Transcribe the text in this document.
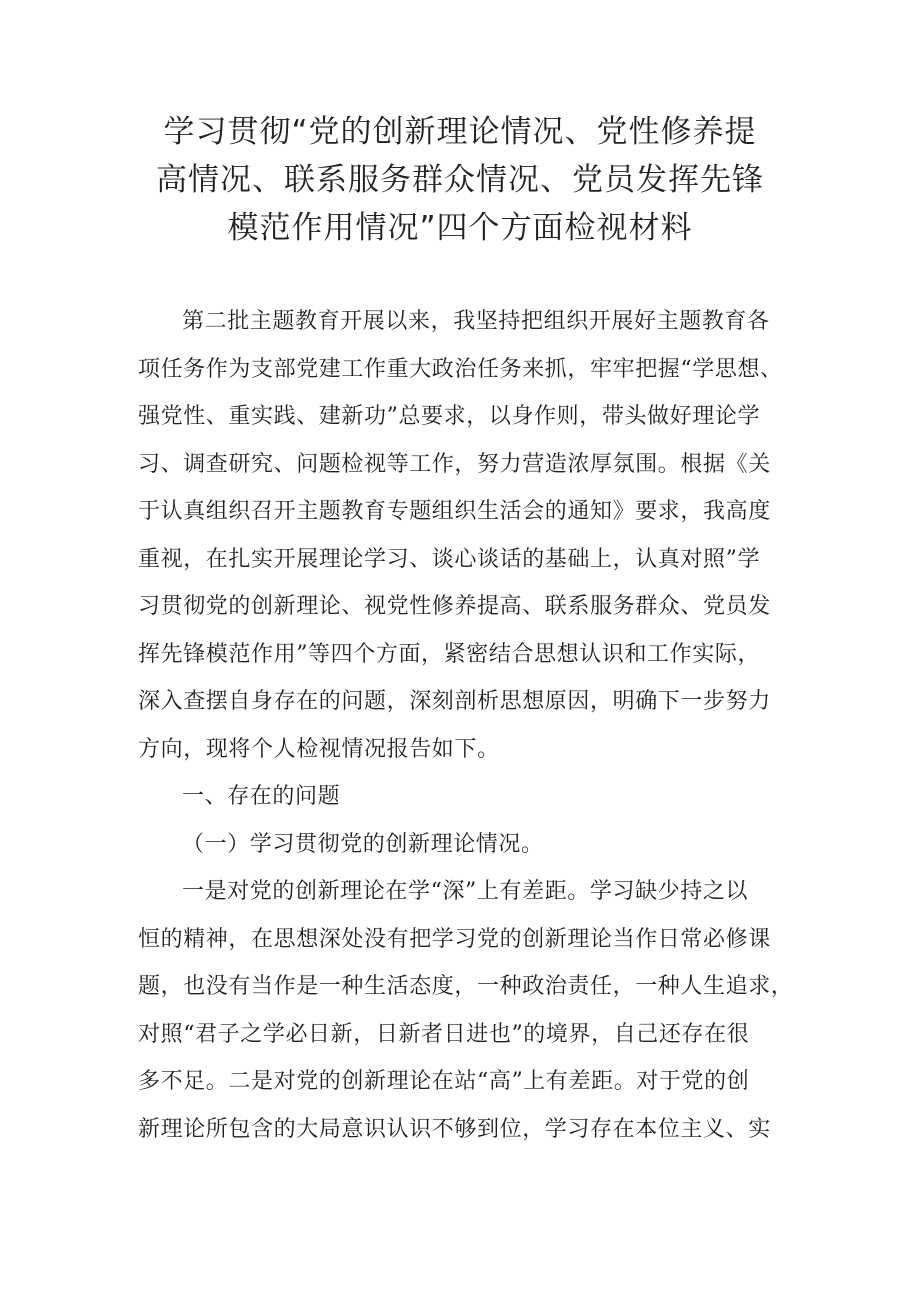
学习贯彻“党的创新理论情况、党性修养提
高情况、联系服务群众情况、党员发挥先锋
模范作用情况”四个方面检视材料
第二批主题教育开展以来，我坚持把组织开展好主题教育各
项任务作为支部党建工作重大政治任务来抓，牢牢把握“学思想、
强党性、重实践、建新功”总要求，以身作则，带头做好理论学
习、调查研究、问题检视等工作，努力营造浓厚氛围。根据《关
于认真组织召开主题教育专题组织生活会的通知》要求，我高度
重视，在扎实开展理论学习、谈心谈话的基础上，认真对照”学
习贯彻党的创新理论、视党性修养提高、联系服务群众、党员发
挥先锋模范作用”等四个方面，紧密结合思想认识和工作实际，
深入查摆自身存在的问题，深刻剖析思想原因，明确下一步努力
方向，现将个人检视情况报告如下。
一、存在的问题
（一）学习贯彻党的创新理论情况。
一是对党的创新理论在学“深”上有差距。学习缺少持之以
恒的精神，在思想深处没有把学习党的创新理论当作日常必修课
题，也没有当作是一种生活态度，一种政治责任，一种人生追求，
对照“君子之学必日新，日新者日进也”的境界，自己还存在很
多不足。二是对党的创新理论在站“高”上有差距。对于党的创
新理论所包含的大局意识认识不够到位，学习存在本位主义、实
